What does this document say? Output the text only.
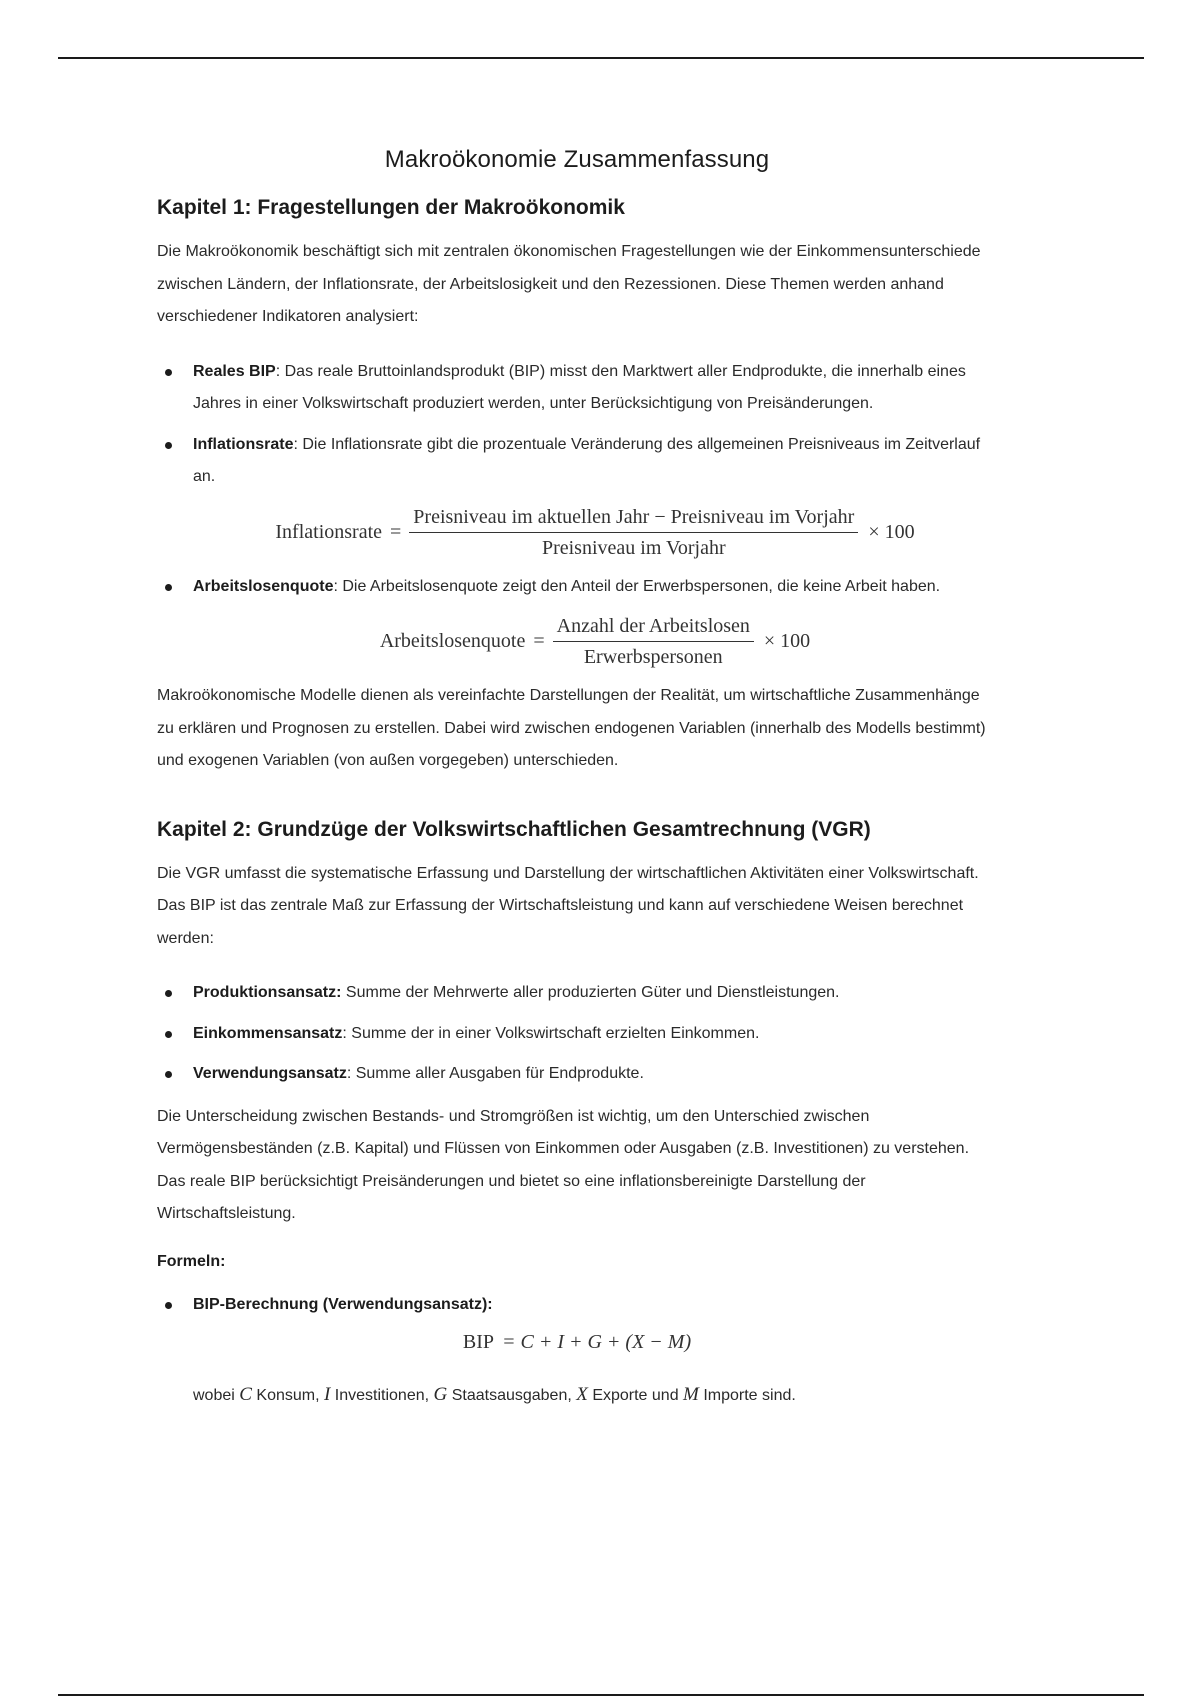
Makroökonomie Zusammenfassung
Kapitel 1: Fragestellungen der Makroökonomik

Die Makroökonomik beschäftigt sich mit zentralen ökonomischen Fragestellungen wie der Einkommensunterschiede zwischen Ländern, der Inflationsrate, der Arbeitslosigkeit und den Rezessionen. Diese Themen werden anhand verschiedener Indikatoren analysiert:

Reales BIP: Das reale Bruttoinlandsprodukt (BIP) misst den Marktwert aller Endprodukte, die innerhalb eines Jahres in einer Volkswirtschaft produziert werden, unter Berücksichtigung von Preisänderungen.
Inflationsrate: Die Inflationsrate gibt die prozentuale Veränderung des allgemeinen Preisniveaus im Zeitverlauf an.
Inflationsrate = $\frac{\text{Preisniveau im aktuellen Jahr − Preisniveau im Vorjahr}}{\text{Preisniveau im Vorjahr}} \times 100$
Arbeitslosenquote: Die Arbeitslosenquote zeigt den Anteil der Erwerbspersonen, die keine Arbeit haben.
Arbeitslosenquote = $\frac{\text{Anzahl der Arbeitslosen}}{\text{Erwerbspersonen}} \times 100$

Makroökonomische Modelle dienen als vereinfachte Darstellungen der Realität, um wirtschaftliche Zusammenhänge zu erklären und Prognosen zu erstellen. Dabei wird zwischen endogenen Variablen (innerhalb des Modells bestimmt) und exogenen Variablen (von außen vorgegeben) unterschieden.

Kapitel 2: Grundzüge der Volkswirtschaftlichen Gesamtrechnung (VGR)

Die VGR umfasst die systematische Erfassung und Darstellung der wirtschaftlichen Aktivitäten einer Volkswirtschaft. Das BIP ist das zentrale Maß zur Erfassung der Wirtschaftsleistung und kann auf verschiedene Weisen berechnet werden:

Produktionsansatz: Summe der Mehrwerte aller produzierten Güter und Dienstleistungen.
Einkommensansatz: Summe der in einer Volkswirtschaft erzielten Einkommen.
Verwendungsansatz: Summe aller Ausgaben für Endprodukte.

Die Unterscheidung zwischen Bestands- und Stromgrößen ist wichtig, um den Unterschied zwischen Vermögensbeständen (z.B. Kapital) und Flüssen von Einkommen oder Ausgaben (z.B. Investitionen) zu verstehen. Das reale BIP berücksichtigt Preisänderungen und bietet so eine inflationsbereinigte Darstellung der Wirtschaftsleistung.

Formeln:
BIP-Berechnung (Verwendungsansatz):
BIP = C + I + G + (X − M)
wobei C Konsum, I Investitionen, G Staatsausgaben, X Exporte und M Importe sind.
